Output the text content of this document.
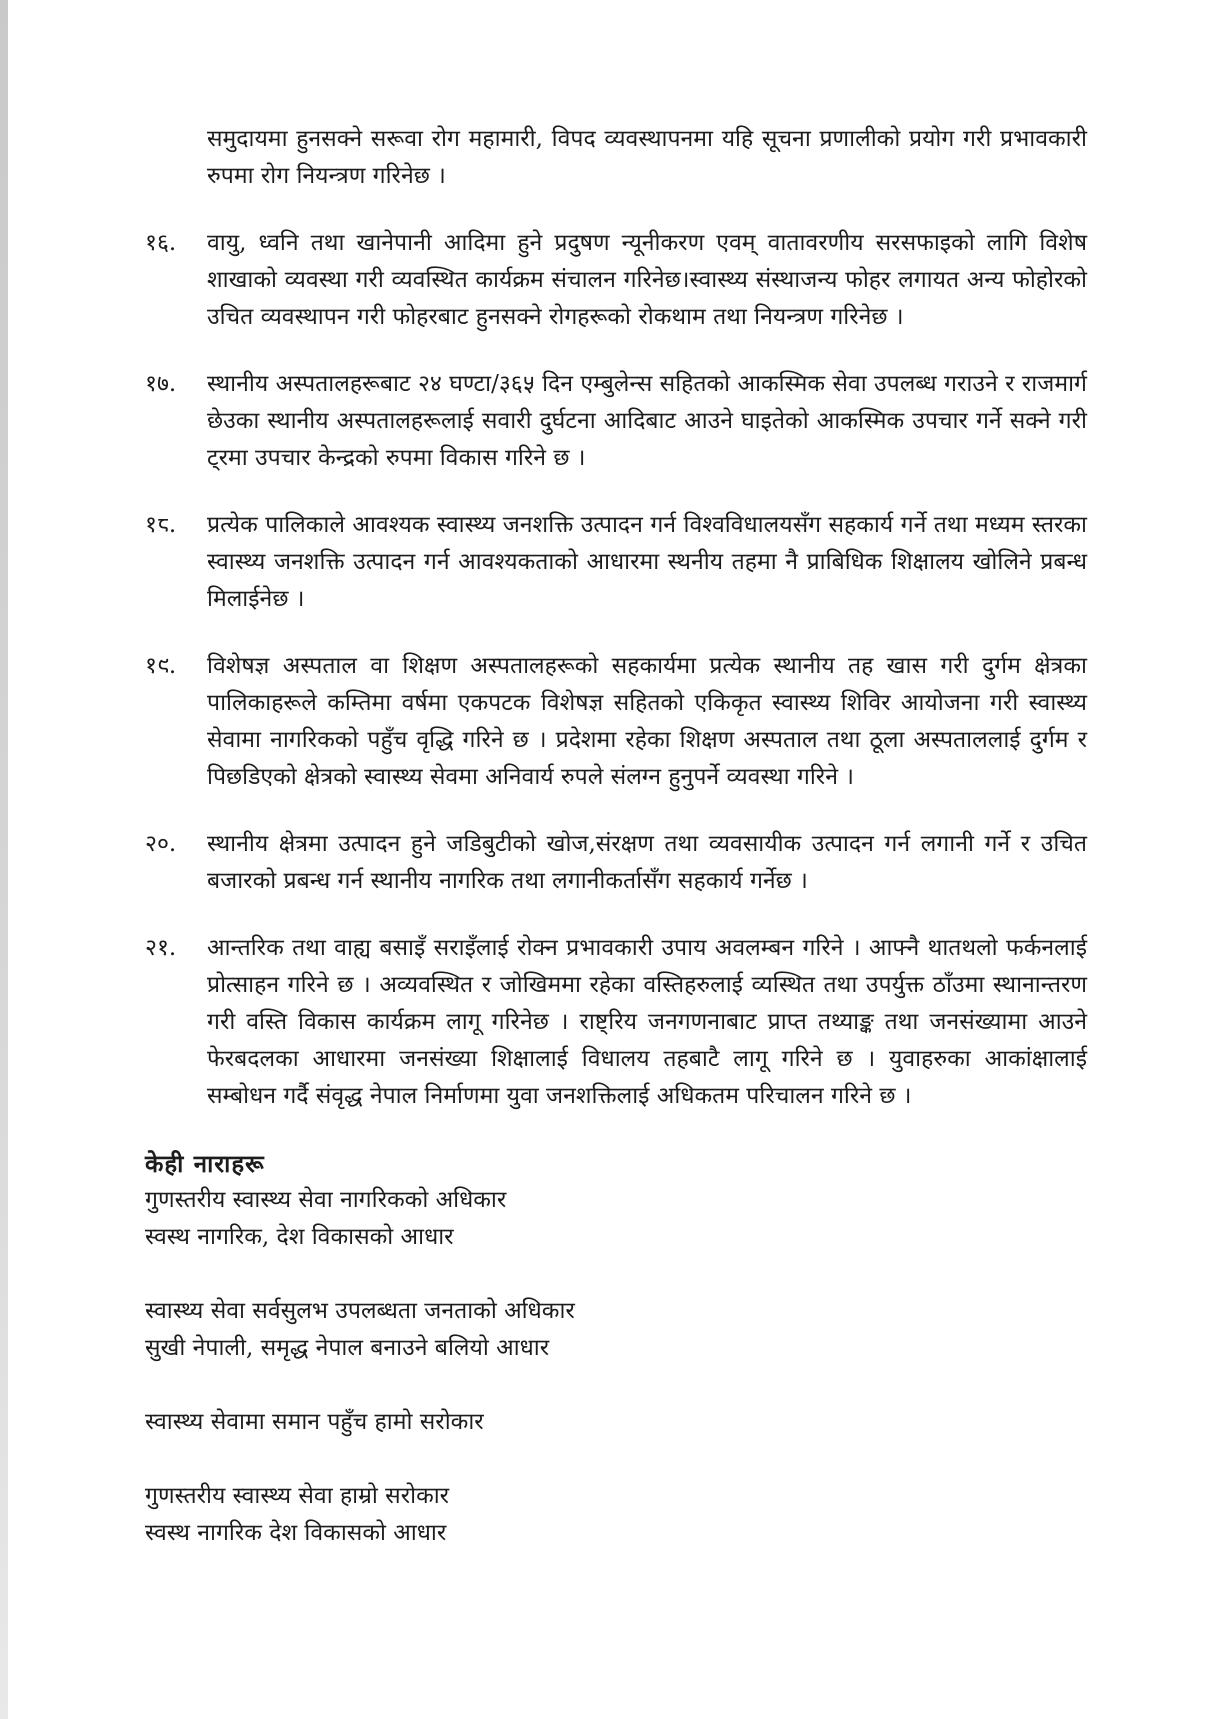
समुदायमा हुनसक्ने सरूवा रोग महामारी, विपद व्यवस्थापनमा यहि सूचना प्रणालीको प्रयोग गरी प्रभावकारी रुपमा रोग नियन्त्रण गरिनेछ ।

१६.	वायु, ध्वनि तथा खानेपानी आदिमा हुने प्रदुषण न्यूनीकरण एवम् वातावरणीय सरसफाइको लागि विशेष शाखाको व्यवस्था गरी व्यवस्थित कार्यक्रम संचालन गरिनेछ।स्वास्थ्य संस्थाजन्य फोहर लगायत अन्य फोहोरको उचित व्यवस्थापन गरी फोहरबाट हुनसक्ने रोगहरूको रोकथाम तथा नियन्त्रण गरिनेछ ।
१७.	स्थानीय अस्पतालहरूबाट २४ घण्टा/३६५ दिन एम्बुलेन्स सहितको आकस्मिक सेवा उपलब्ध गराउने र राजमार्ग छेउका स्थानीय अस्पतालहरूलाई सवारी दुर्घटना आदिबाट आउने घाइतेको आकस्मिक उपचार गर्ने सक्ने गरी ट्रमा उपचार केन्द्रको रुपमा विकास गरिने छ ।
१८.	प्रत्येक पालिकाले आवश्यक स्वास्थ्य जनशक्ति उत्पादन गर्न विश्वविधालयसँग सहकार्य गर्ने तथा मध्यम स्तरका स्वास्थ्य जनशक्ति उत्पादन गर्न आवश्यकताको आधारमा स्थनीय तहमा नै प्राबिधिक शिक्षालय खोलिने प्रबन्ध मिलाईनेछ ।
१९.	विशेषज्ञ अस्पताल वा शिक्षण अस्पतालहरूको सहकार्यमा प्रत्येक स्थानीय तह खास गरी दुर्गम क्षेत्रका पालिकाहरूले कम्तिमा वर्षमा एकपटक विशेषज्ञ सहितको एकिकृत स्वास्थ्य शिविर आयोजना गरी स्वास्थ्य सेवामा नागरिकको पहुँच वृद्धि गरिने छ । प्रदेशमा रहेका शिक्षण अस्पताल तथा ठूला अस्पताललाई दुर्गम र पिछडिएको क्षेत्रको स्वास्थ्य सेवमा अनिवार्य रुपले संलग्न हुनुपर्ने व्यवस्था गरिने ।
२०.	स्थानीय क्षेत्रमा उत्पादन हुने जडिबुटीको खोज,संरक्षण तथा व्यवसायीक उत्पादन गर्न लगानी गर्ने र उचित बजारको प्रबन्ध गर्न स्थानीय नागरिक तथा लगानीकर्तासँग सहकार्य गर्नेछ ।
२१.	आन्तरिक तथा वाह्य बसाइँ सराइँलाई रोक्न प्रभावकारी उपाय अवलम्बन गरिने । आफ्नै थातथलो फर्कनलाई प्रोत्साहन गरिने छ । अव्यवस्थित र जोखिममा रहेका वस्तिहरुलाई व्यस्थित तथा उपर्युक्त ठाँउमा स्थानान्तरण गरी वस्ति विकास कार्यक्रम लागू गरिनेछ । राष्ट्रिय जनगणनाबाट प्राप्त तथ्याङ्क तथा जनसंख्यामा आउने फेरबदलका आधारमा जनसंख्या शिक्षालाई विधालय तहबाटै लागू गरिने छ । युवाहरुका आकांक्षालाई सम्बोधन गर्दै संवृद्ध नेपाल निर्माणमा युवा जनशक्तिलाई अधिकतम परिचालन गरिने छ ।
केही नाराहरू
गुणस्तरीय स्वास्थ्य सेवा नागरिकको अधिकार
स्वस्थ नागरिक, देश विकासको आधार
स्वास्थ्य सेवा सर्वसुलभ उपलब्धता जनताको अधिकार
सुखी नेपाली, समृद्ध नेपाल बनाउने बलियो आधार
स्वास्थ्य सेवामा समान पहुँच हामो सरोकार
गुणस्तरीय स्वास्थ्य सेवा हाम्रो सरोकार
स्वस्थ नागरिक देश विकासको आधार
